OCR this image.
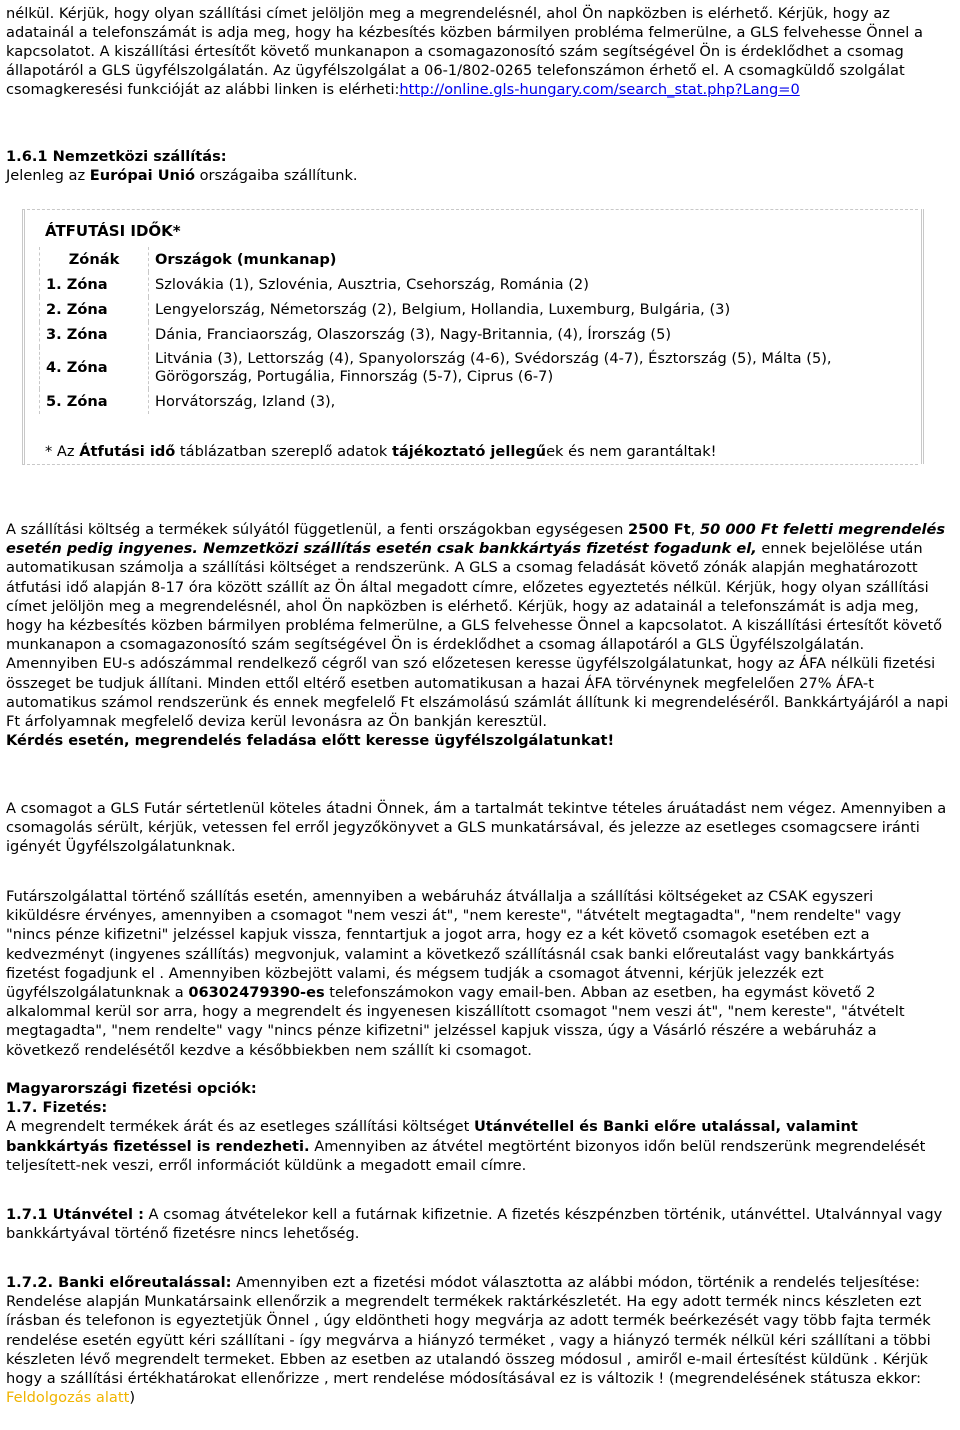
nélkül. Kérjük, hogy olyan szállítási címet jelöljön meg a megrendelésnél, ahol Ön napközben is elérhető. Kérjük, hogy az adatainál a telefonszámát is adja meg, hogy ha kézbesítés közben bármilyen probléma felmerülne, a GLS felvehesse Önnel a kapcsolatot. A kiszállítási értesítőt követő munkanapon a csomagazonosító szám segítségével Ön is érdeklődhet a csomag állapotáról a GLS ügyfélszolgálatán. Az ügyfélszolgálat a 06-1/802-0265 telefonszámon érhető el. A csomagküldő szolgálat csomagkeresési funkcióját az alábbi linken is elérheti:http://online.gls-hungary.com/search_stat.php?Lang=0
1.6.1 Nemzetközi szállítás:
Jelenleg az Európai Unió országaiba szállítunk.
ÁTFUTÁSI IDŐK*
Zónák	Országok (munkanap)
1. Zóna	Szlovákia (1), Szlovénia, Ausztria, Csehország, Románia (2)
2. Zóna	Lengyelország, Németország (2), Belgium, Hollandia, Luxemburg, Bulgária, (3)
3. Zóna	Dánia, Franciaország, Olaszország (3), Nagy-Britannia, (4), Írország (5)
4. Zóna	Litvánia (3), Lettország (4), Spanyolország (4-6), Svédország (4-7), Észtország (5), Málta (5), Görögország, Portugália, Finnország (5-7), Ciprus (6-7)
5. Zóna	Horvátország, Izland (3),
* Az Átfutási idő táblázatban szereplő adatok tájékoztató jellegűek és nem garantáltak!
A szállítási költség a termékek súlyától függetlenül, a fenti országokban egységesen 2500 Ft, 50 000 Ft feletti megrendelés esetén pedig ingyenes. Nemzetközi szállítás esetén csak bankkártyás fizetést fogadunk el, ennek bejelölése után automatikusan számolja a szállítási költséget a rendszerünk. A GLS a csomag feladását követő zónák alapján meghatározott átfutási idő alapján 8-17 óra között szállít az Ön által megadott címre, előzetes egyeztetés nélkül. Kérjük, hogy olyan szállítási címet jelöljön meg a megrendelésnél, ahol Ön napközben is elérhető. Kérjük, hogy az adatainál a telefonszámát is adja meg, hogy ha kézbesítés közben bármilyen probléma felmerülne, a GLS felvehesse Önnel a kapcsolatot. A kiszállítási értesítőt követő munkanapon a csomagazonosító szám segítségével Ön is érdeklődhet a csomag állapotáról a GLS Ügyfélszolgálatán.
Amennyiben EU-s adószámmal rendelkező cégről van szó előzetesen keresse ügyfélszolgálatunkat, hogy az ÁFA nélküli fizetési összeget be tudjuk állítani. Minden ettől eltérő esetben automatikusan a hazai ÁFA törvénynek megfelelően 27% ÁFA-t automatikus számol rendszerünk és ennek megfelelő Ft elszámolású számlát állítunk ki megrendeléséről. Bankkártyájáról a napi Ft árfolyamnak megfelelő deviza kerül levonásra az Ön bankján keresztül.
Kérdés esetén, megrendelés feladása előtt keresse ügyfélszolgálatunkat!
A csomagot a GLS Futár sértetlenül köteles átadni Önnek, ám a tartalmát tekintve tételes áruátadást nem végez. Amennyiben a csomagolás sérült, kérjük, vetessen fel erről jegyzőkönyvet a GLS munkatársával, és jelezze az esetleges csomagcsere iránti igényét Ügyfélszolgálatunknak.
Futárszolgálattal történő szállítás esetén, amennyiben a webáruház átvállalja a szállítási költségeket az CSAK egyszeri kiküldésre érvényes, amennyiben a csomagot "nem veszi át", "nem kereste", "átvételt megtagadta", "nem rendelte" vagy "nincs pénze kifizetni" jelzéssel kapjuk vissza, fenntartjuk a jogot arra, hogy ez a két követő csomagok esetében ezt a kedvezményt (ingyenes szállítás) megvonjuk, valamint a következő szállításnál csak banki előreutalást vagy bankkártyás fizetést fogadjunk el . Amennyiben közbejött valami, és mégsem tudják a csomagot átvenni, kérjük jelezzék ezt ügyfélszolgálatunknak a 06302479390-es telefonszámokon vagy email-ben. Abban az esetben, ha egymást követő 2 alkalommal kerül sor arra, hogy a megrendelt és ingyenesen kiszállított csomagot "nem veszi át", "nem kereste", "átvételt megtagadta", "nem rendelte" vagy "nincs pénze kifizetni" jelzéssel kapjuk vissza, úgy a Vásárló részére a webáruház a következő rendelésétől kezdve a későbbiekben nem szállít ki csomagot.
Magyarországi fizetési opciók:
1.7. Fizetés:
A megrendelt termékek árát és az esetleges szállítási költséget Utánvétellel és Banki előre utalással, valamint bankkártyás fizetéssel is rendezheti. Amennyiben az átvétel megtörtént bizonyos időn belül rendszerünk megrendelését teljesített-nek veszi, erről információt küldünk a megadott email címre.
1.7.1 Utánvétel : A csomag átvételekor kell a futárnak kifizetnie. A fizetés készpénzben történik, utánvéttel. Utalvánnyal vagy bankkártyával történő fizetésre nincs lehetőség.
1.7.2. Banki előreutalással: Amennyiben ezt a fizetési módot választotta az alábbi módon, történik a rendelés teljesítése: Rendelése alapján Munkatársaink ellenőrzik a megrendelt termékek raktárkészletét. Ha egy adott termék nincs készleten ezt írásban és telefonon is egyeztetjük Önnel , úgy eldöntheti hogy megvárja az adott termék beérkezését vagy több fajta termék rendelése esetén együtt kéri szállítani - így megvárva a hiányzó terméket , vagy a hiányzó termék nélkül kéri szállítani a többi készleten lévő megrendelt termeket. Ebben az esetben az utalandó összeg módosul , amiről e-mail értesítést küldünk . Kérjük hogy a szállítási értékhatárokat ellenőrizze , mert rendelése módosításával ez is változik ! (megrendelésének státusza ekkor: Feldolgozás alatt)
